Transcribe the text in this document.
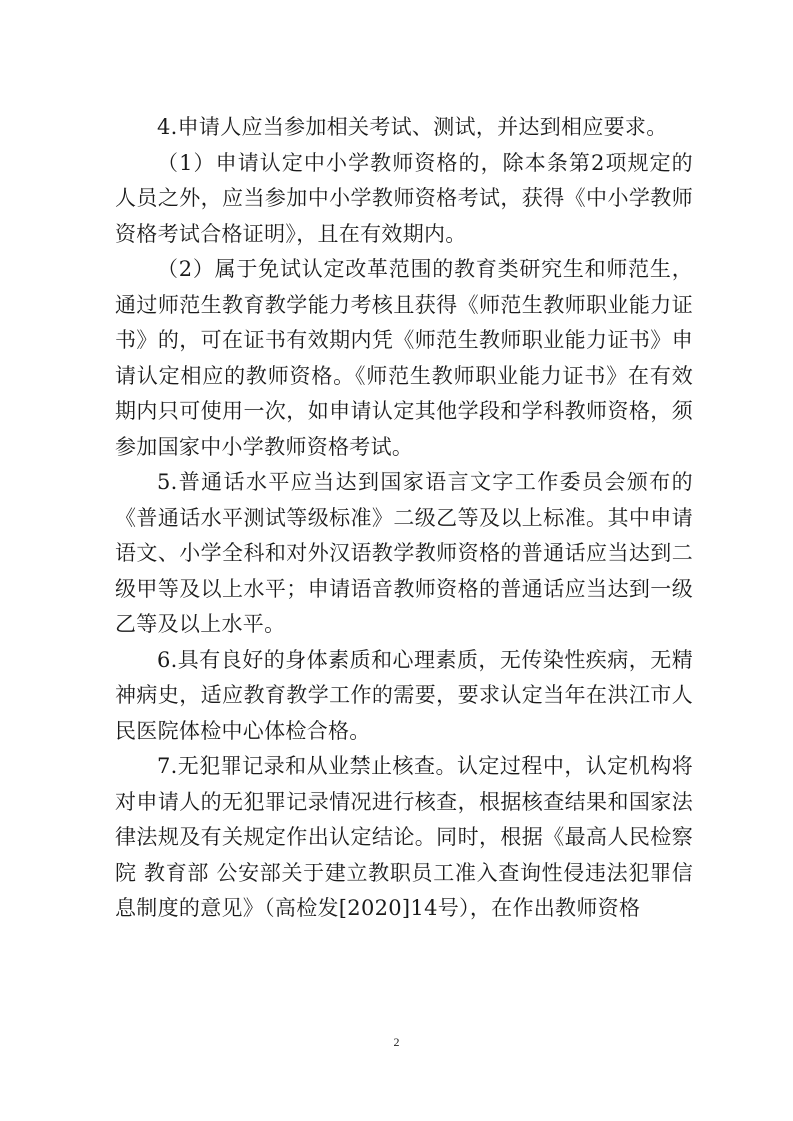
4.申请人应当参加相关考试、测试，并达到相应要求。

（1）申请认定中小学教师资格的，除本条第2项规定的人员之外，应当参加中小学教师资格考试，获得《中小学教师资格考试合格证明》，且在有效期内。

（2）属于免试认定改革范围的教育类研究生和师范生，通过师范生教育教学能力考核且获得《师范生教师职业能力证书》的，可在证书有效期内凭《师范生教师职业能力证书》申请认定相应的教师资格。《师范生教师职业能力证书》在有效期内只可使用一次，如申请认定其他学段和学科教师资格，须参加国家中小学教师资格考试。

5.普通话水平应当达到国家语言文字工作委员会颁布的《普通话水平测试等级标准》二级乙等及以上标准。其中申请语文、小学全科和对外汉语教学教师资格的普通话应当达到二级甲等及以上水平；申请语音教师资格的普通话应当达到一级乙等及以上水平。

6.具有良好的身体素质和心理素质，无传染性疾病，无精神病史，适应教育教学工作的需要，要求认定当年在洪江市人民医院体检中心体检合格。

7.无犯罪记录和从业禁止核查。认定过程中，认定机构将对申请人的无犯罪记录情况进行核查，根据核查结果和国家法律法规及有关规定作出认定结论。同时，根据《最高人民检察院 教育部 公安部关于建立教职员工准入查询性侵违法犯罪信息制度的意见》（高检发[2020]14号），在作出教师资格

2
